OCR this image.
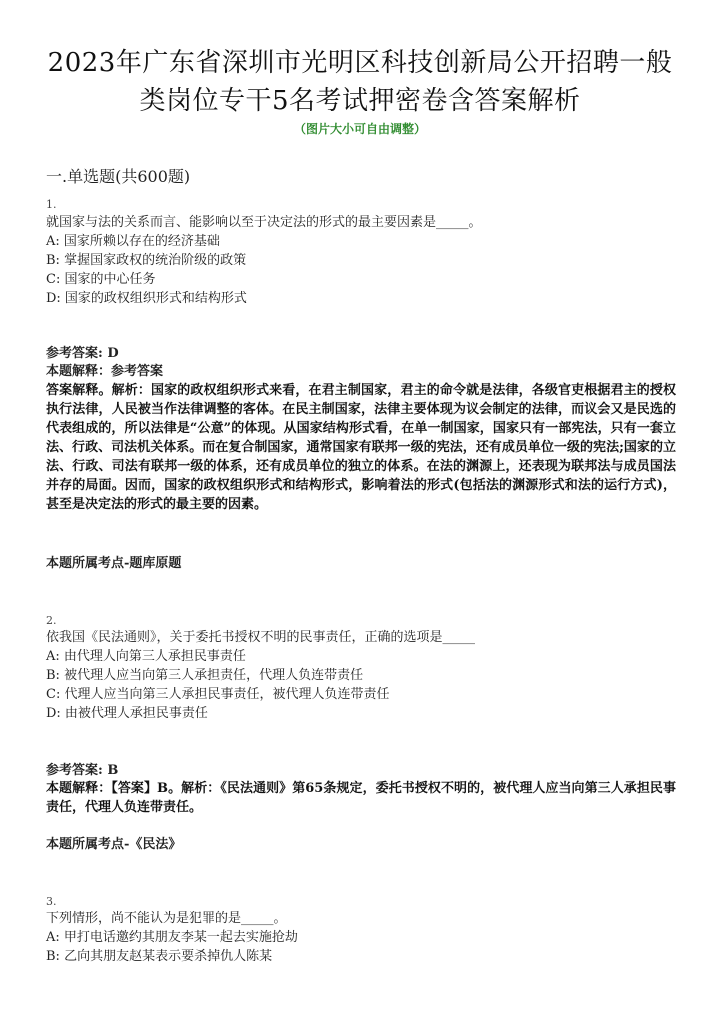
2023年广东省深圳市光明区科技创新局公开招聘一般
类岗位专干5名考试押密卷含答案解析
（图片大小可自由调整）
一.单选题(共600题)
1.
就国家与法的关系而言、能影响以至于决定法的形式的最主要因素是_____。
A: 国家所赖以存在的经济基础
B: 掌握国家政权的统治阶级的政策
C: 国家的中心任务
D: 国家的政权组织形式和结构形式
参考答案: D
本题解释：参考答案
答案解释。解析：国家的政权组织形式来看，在君主制国家，君主的命令就是法律，各级官吏根据君主的授权执行法律，人民被当作法律调整的客体。在民主制国家，法律主要体现为议会制定的法律，而议会又是民选的代表组成的，所以法律是“公意”的体现。从国家结构形式看，在单一制国家，国家只有一部宪法，只有一套立法、行政、司法机关体系。而在复合制国家，通常国家有联邦一级的宪法，还有成员单位一级的宪法;国家的立法、行政、司法有联邦一级的体系，还有成员单位的独立的体系。在法的渊源上，还表现为联邦法与成员国法并存的局面。因而，国家的政权组织形式和结构形式，影响着法的形式(包括法的渊源形式和法的运行方式)，甚至是决定法的形式的最主要的因素。
本题所属考点-题库原题
2.
依我国《民法通则》，关于委托书授权不明的民事责任，正确的选项是_____
A: 由代理人向第三人承担民事责任
B: 被代理人应当向第三人承担责任，代理人负连带责任
C: 代理人应当向第三人承担民事责任，被代理人负连带责任
D: 由被代理人承担民事责任
参考答案: B
本题解释：【答案】B。解析：《民法通则》第65条规定，委托书授权不明的，被代理人应当向第三人承担民事责任，代理人负连带责任。
本题所属考点-《民法》
3.
下列情形，尚不能认为是犯罪的是_____。
A: 甲打电话邀约其朋友李某一起去实施抢劫
B: 乙向其朋友赵某表示要杀掉仇人陈某
